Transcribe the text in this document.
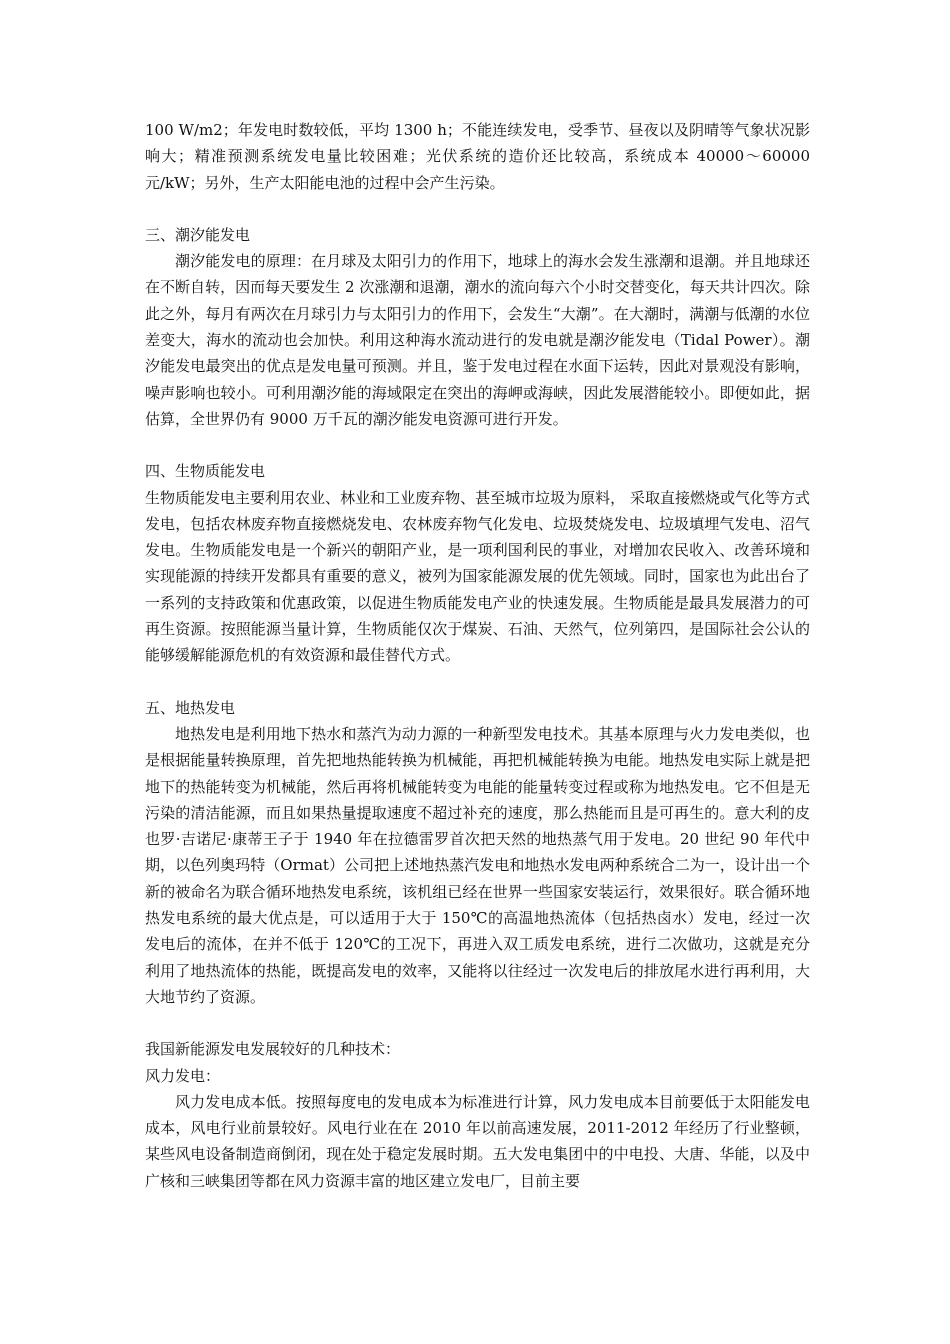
100 W/m2；年发电时数较低，平均 1300 h；不能连续发电，受季节、昼夜以及阴晴等气象状况影响大；精准预测系统发电量比较困难；光伏系统的造价还比较高，系统成本 40000～60000 元/kW；另外，生产太阳能电池的过程中会产生污染。

三、潮汐能发电

潮汐能发电的原理：在月球及太阳引力的作用下，地球上的海水会发生涨潮和退潮。并且地球还在不断自转，因而每天要发生 2 次涨潮和退潮，潮水的流向每六个小时交替变化，每天共计四次。除此之外，每月有两次在月球引力与太阳引力的作用下，会发生“大潮”。在大潮时，满潮与低潮的水位差变大，海水的流动也会加快。利用这种海水流动进行的发电就是潮汐能发电（Tidal Power）。潮汐能发电最突出的优点是发电量可预测。并且，鉴于发电过程在水面下运转，因此对景观没有影响，噪声影响也较小。可利用潮汐能的海域限定在突出的海岬或海峡，因此发展潜能较小。即便如此，据估算，全世界仍有 9000 万千瓦的潮汐能发电资源可进行开发。

四、生物质能发电

生物质能发电主要利用农业、林业和工业废弃物、甚至城市垃圾为原料， 采取直接燃烧或气化等方式发电，包括农林废弃物直接燃烧发电、农林废弃物气化发电、垃圾焚烧发电、垃圾填埋气发电、沼气发电。生物质能发电是一个新兴的朝阳产业，是一项利国利民的事业，对增加农民收入、改善环境和实现能源的持续开发都具有重要的意义，被列为国家能源发展的优先领域。同时，国家也为此出台了一系列的支持政策和优惠政策，以促进生物质能发电产业的快速发展。生物质能是最具发展潜力的可再生资源。按照能源当量计算，生物质能仅次于煤炭、石油、天然气，位列第四，是国际社会公认的能够缓解能源危机的有效资源和最佳替代方式。

五、地热发电

地热发电是利用地下热水和蒸汽为动力源的一种新型发电技术。其基本原理与火力发电类似，也是根据能量转换原理，首先把地热能转换为机械能，再把机械能转换为电能。地热发电实际上就是把地下的热能转变为机械能，然后再将机械能转变为电能的能量转变过程或称为地热发电。它不但是无污染的清洁能源，而且如果热量提取速度不超过补充的速度，那么热能而且是可再生的。意大利的皮也罗·吉诺尼·康蒂王子于 1940 年在拉德雷罗首次把天然的地热蒸气用于发电。20 世纪 90 年代中期，以色列奥玛特（Ormat）公司把上述地热蒸汽发电和地热水发电两种系统合二为一，设计出一个新的被命名为联合循环地热发电系统，该机组已经在世界一些国家安装运行，效果很好。联合循环地热发电系统的最大优点是，可以适用于大于 150℃的高温地热流体（包括热卤水）发电，经过一次发电后的流体，在并不低于 120℃的工况下，再进入双工质发电系统，进行二次做功，这就是充分利用了地热流体的热能，既提高发电的效率，又能将以往经过一次发电后的排放尾水进行再利用，大大地节约了资源。

我国新能源发电发展较好的几种技术：

风力发电：

风力发电成本低。按照每度电的发电成本为标准进行计算，风力发电成本目前要低于太阳能发电成本，风电行业前景较好。风电行业在在 2010 年以前高速发展，2011-2012 年经历了行业整顿，某些风电设备制造商倒闭，现在处于稳定发展时期。五大发电集团中的中电投、大唐、华能，以及中广核和三峡集团等都在风力资源丰富的地区建立发电厂，目前主要
